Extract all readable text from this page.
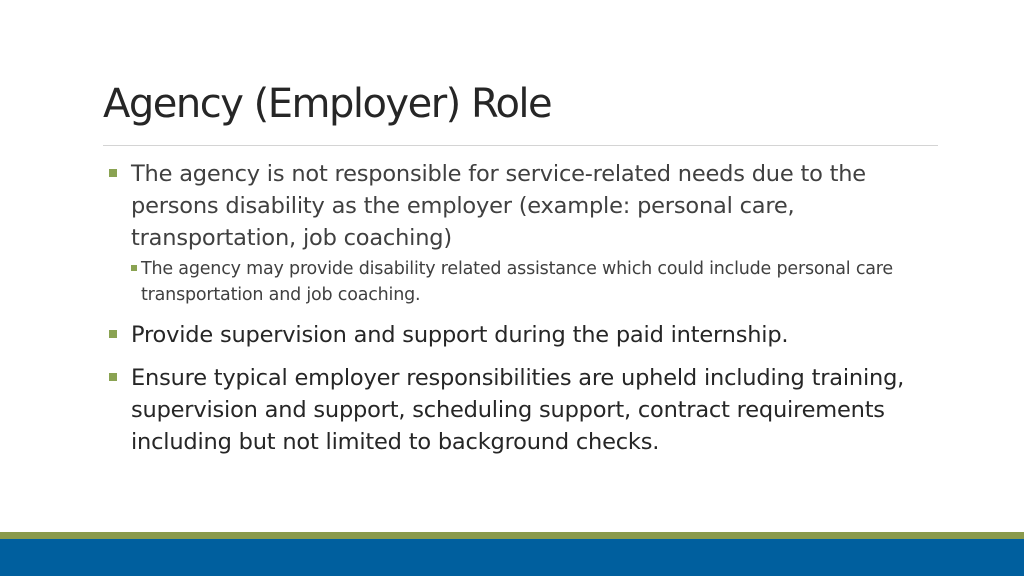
Agency (Employer) Role
The agency is not responsible for service-related needs due to the persons disability as the employer (example: personal care, transportation, job coaching)
The agency may provide disability related assistance which could include personal care transportation and job coaching.
Provide supervision and support during the paid internship.
Ensure typical employer responsibilities are upheld including training, supervision and support, scheduling support, contract requirements including but not limited to background checks.
